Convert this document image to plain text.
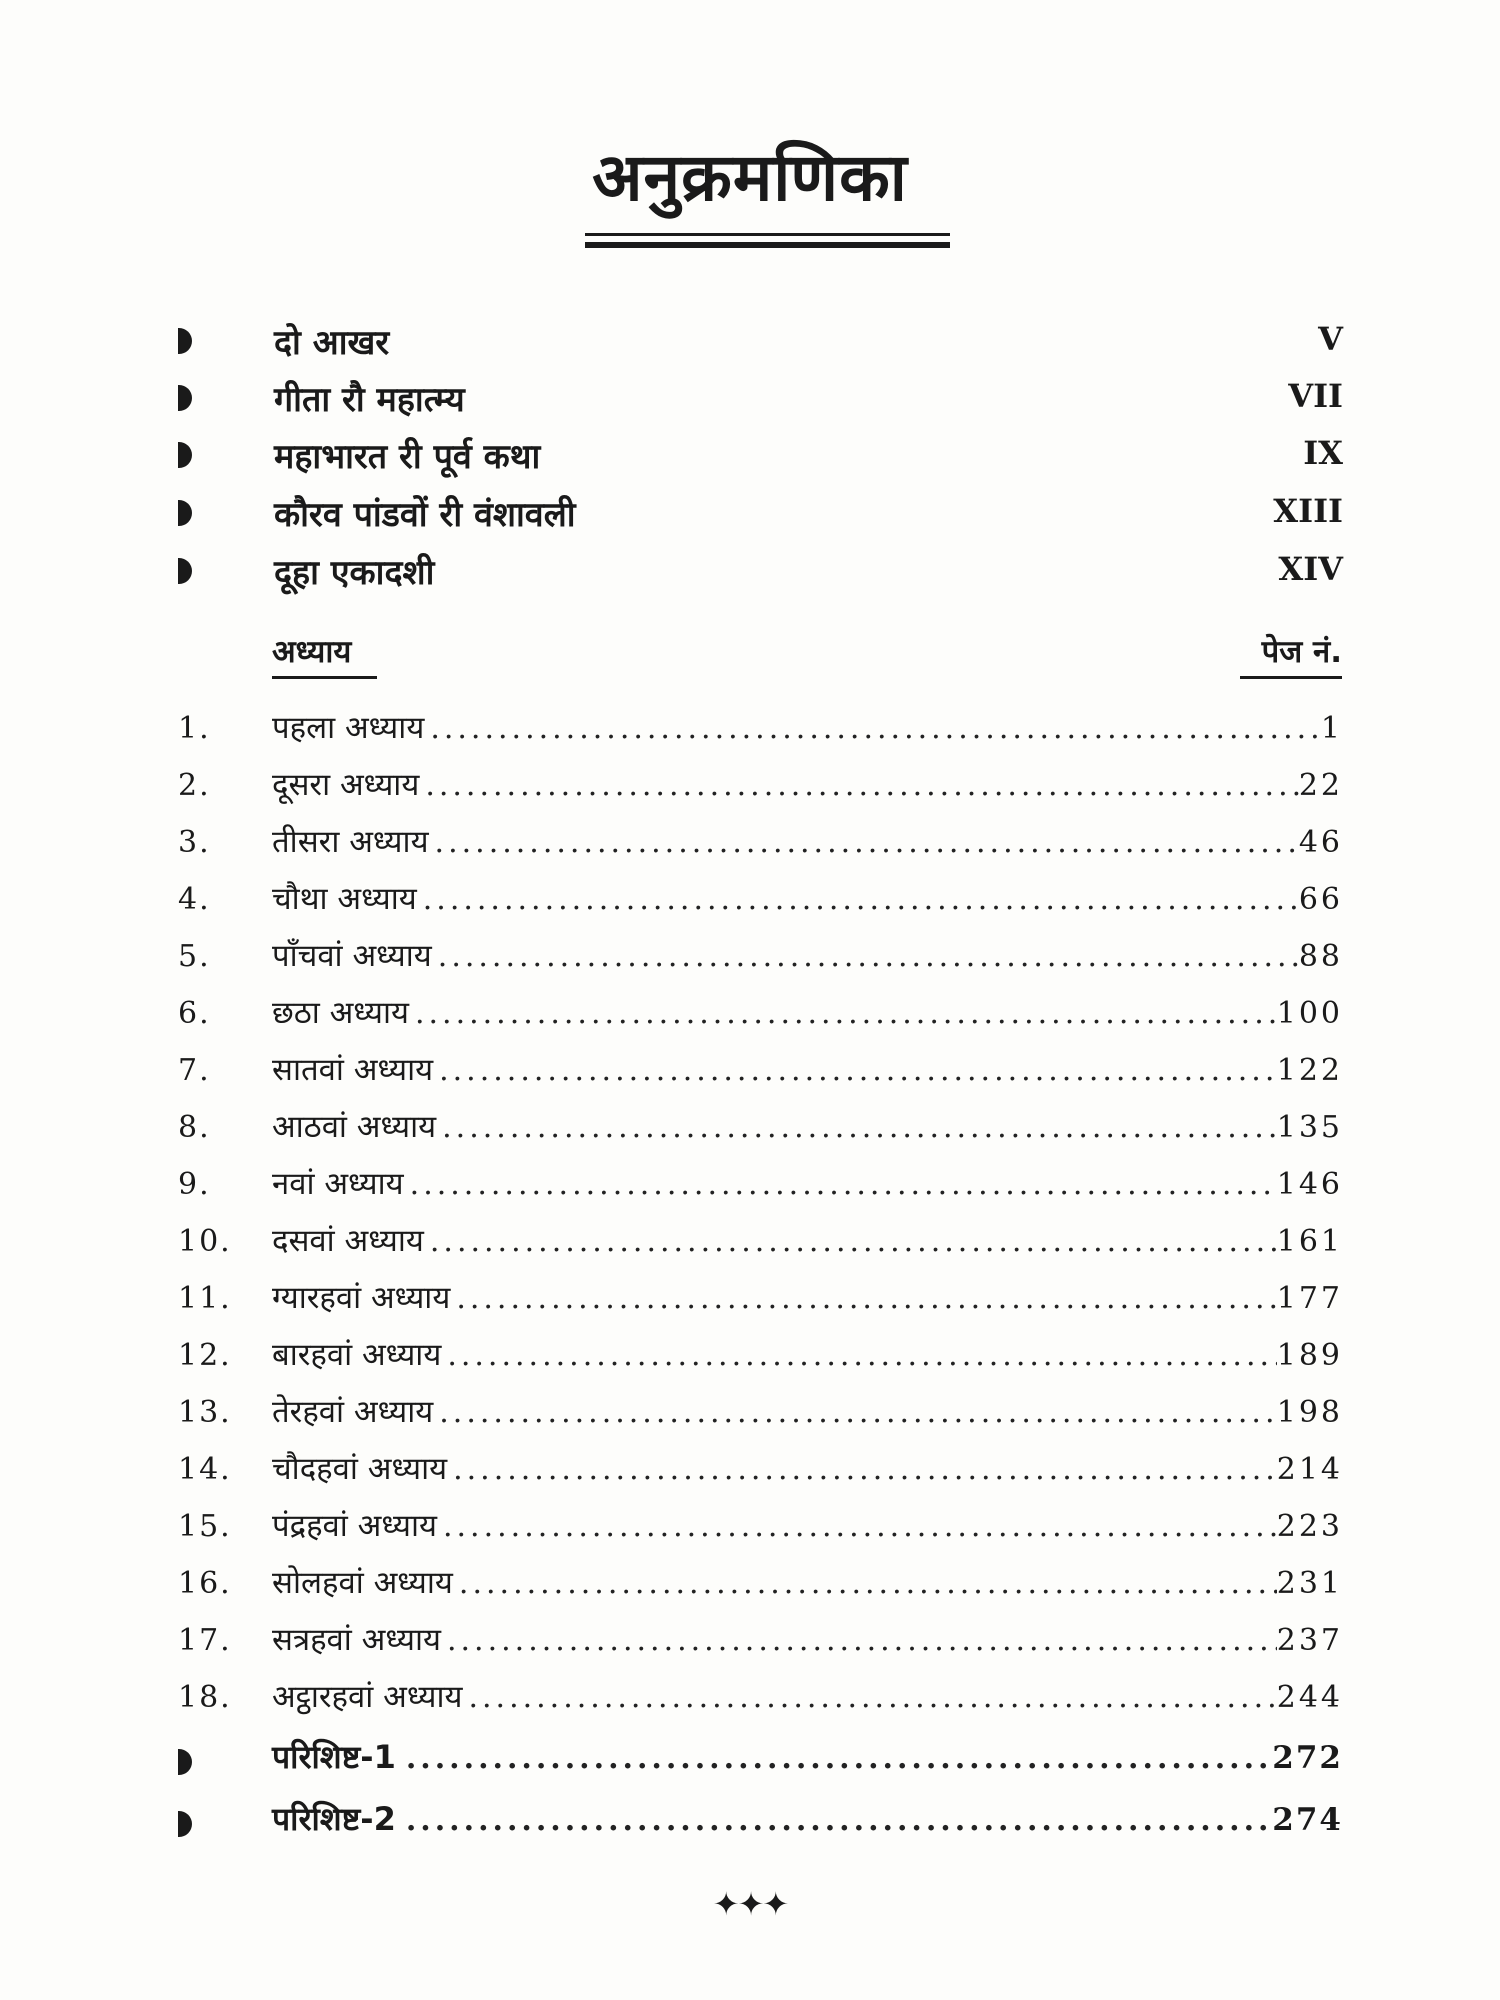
अनुक्रमणिका
दो आखर	V
गीता रौ महात्म्य	VII
महाभारत री पूर्व कथा	IX
कौरव पांडवों री वंशावली	XIII
दूहा एकादशी	XIV
अध्याय	पेज नं.
1.	पहला अध्याय .....	1
2.	दूसरा अध्याय .....	22
3.	तीसरा अध्याय .....	46
4.	चौथा अध्याय .....	66
5.	पाँचवां अध्याय .....	88
6.	छठा अध्याय .....	100
7.	सातवां अध्याय .....	122
8.	आठवां अध्याय .....	135
9.	नवां अध्याय .....	146
10.	दसवां अध्याय .....	161
11.	ग्यारहवां अध्याय .....	177
12.	बारहवां अध्याय .....	189
13.	तेरहवां अध्याय .....	198
14.	चौदहवां अध्याय .....	214
15.	पंद्रहवां अध्याय .....	223
16.	सोलहवां अध्याय .....	231
17.	सत्रहवां अध्याय .....	237
18.	अट्ठारहवां अध्याय .....	244
परिशिष्ट-1 .....	272
परिशिष्ट-2 .....	274
✦✦✦
